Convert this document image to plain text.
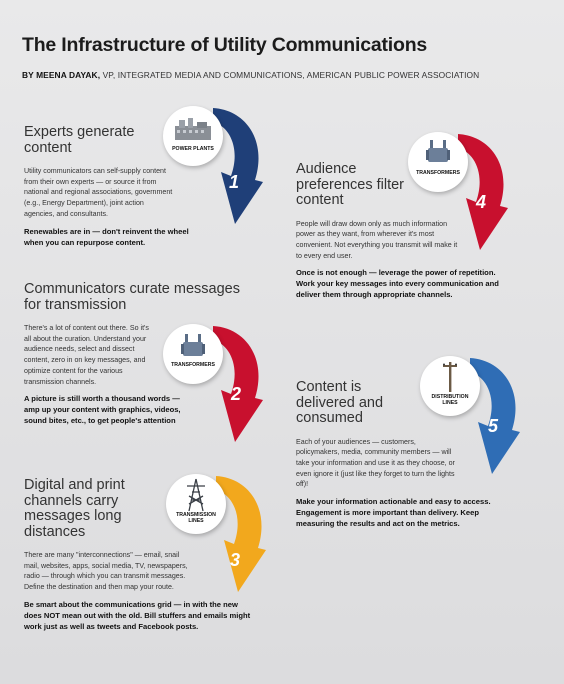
The Infrastructure of Utility Communications
BY MEENA DAYAK, VP, INTEGRATED MEDIA AND COMMUNICATIONS, AMERICAN PUBLIC POWER ASSOCIATION
Experts generate content
Utility communicators can self-supply content from their own experts — or source it from national and regional associations, government (e.g., Energy Department), joint action agencies, and consultants.
Renewables are in — don't reinvent the wheel when you can repurpose content.
POWER PLANTS
1
Communicators curate messages for transmission
There's a lot of content out there. So it's all about the curation. Understand your audience needs, select and dissect content, zero in on key messages, and optimize content for the various transmission channels.
A picture is still worth a thousand words — amp up your content with graphics, videos, sound bites, etc., to get people's attention
TRANSFORMERS
2
Digital and print channels carry messages long distances
There are many "interconnections" — email, snail mail, websites, apps, social media, TV, newspapers, radio — through which you can transmit messages. Define the destination and then map your route.
Be smart about the communications grid — in with the new does NOT mean out with the old. Bill stuffers and emails might work just as well as tweets and Facebook posts.
TRANSMISSION LINES
3
Audience preferences filter content
People will draw down only as much information power as they want, from wherever it's most convenient. Not everything you transmit will make it to every end user.
Once is not enough — leverage the power of repetition. Work your key messages into every communication and deliver them through appropriate channels.
TRANSFORMERS
4
Content is delivered and consumed
Each of your audiences — customers, policymakers, media, community members — will take your information and use it as they choose, or even ignore it (just like they forget to turn the lights off)!
Make your information actionable and easy to access. Engagement is more important than delivery. Keep measuring the results and act on the metrics.
DISTRIBUTION LINES
5
